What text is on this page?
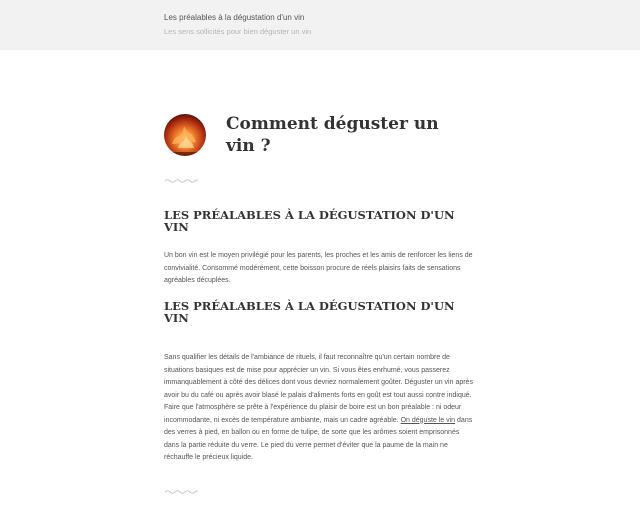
Les préalables à la dégustation d'un vin
Les sens sollicités pour bien déguster un vin
Comment déguster un vin ?
LES PRÉALABLES À LA DÉGUSTATION D'UN VIN

Un bon vin est le moyen privilégié pour les parents, les proches et les amis de renforcer les liens de convivialité. Consommé modérément, cette boisson procure de réels plaisirs faits de sensations agréables décuplées.

LES PRÉALABLES À LA DÉGUSTATION D'UN VIN
Sans qualifier les détails de l'ambiance de rituels, il faut reconnaître qu'un certain nombre de situations basiques est de mise pour apprécier un vin. Si vous êtes enrhumé, vous passerez immanquablement à côté des délices dont vous devriez normalement goûter. Déguster un vin après avoir bu du café ou après avoir blasé le palais d'aliments forts en goût est tout aussi contre indiqué.
Faire que l'atmosphère se prête à l'expérience du plaisir de boire est un bon préalable : ni odeur incommodante, ni excès de température ambiante, mais un cadre agréable. On déguste le vin dans des verres à pied, en ballon ou en forme de tulipe, de sorte que les arômes soient emprisonnés dans la partie réduite du verre. Le pied du verre permet d'éviter que la paume de la main ne réchauffe le précieux liquide.
